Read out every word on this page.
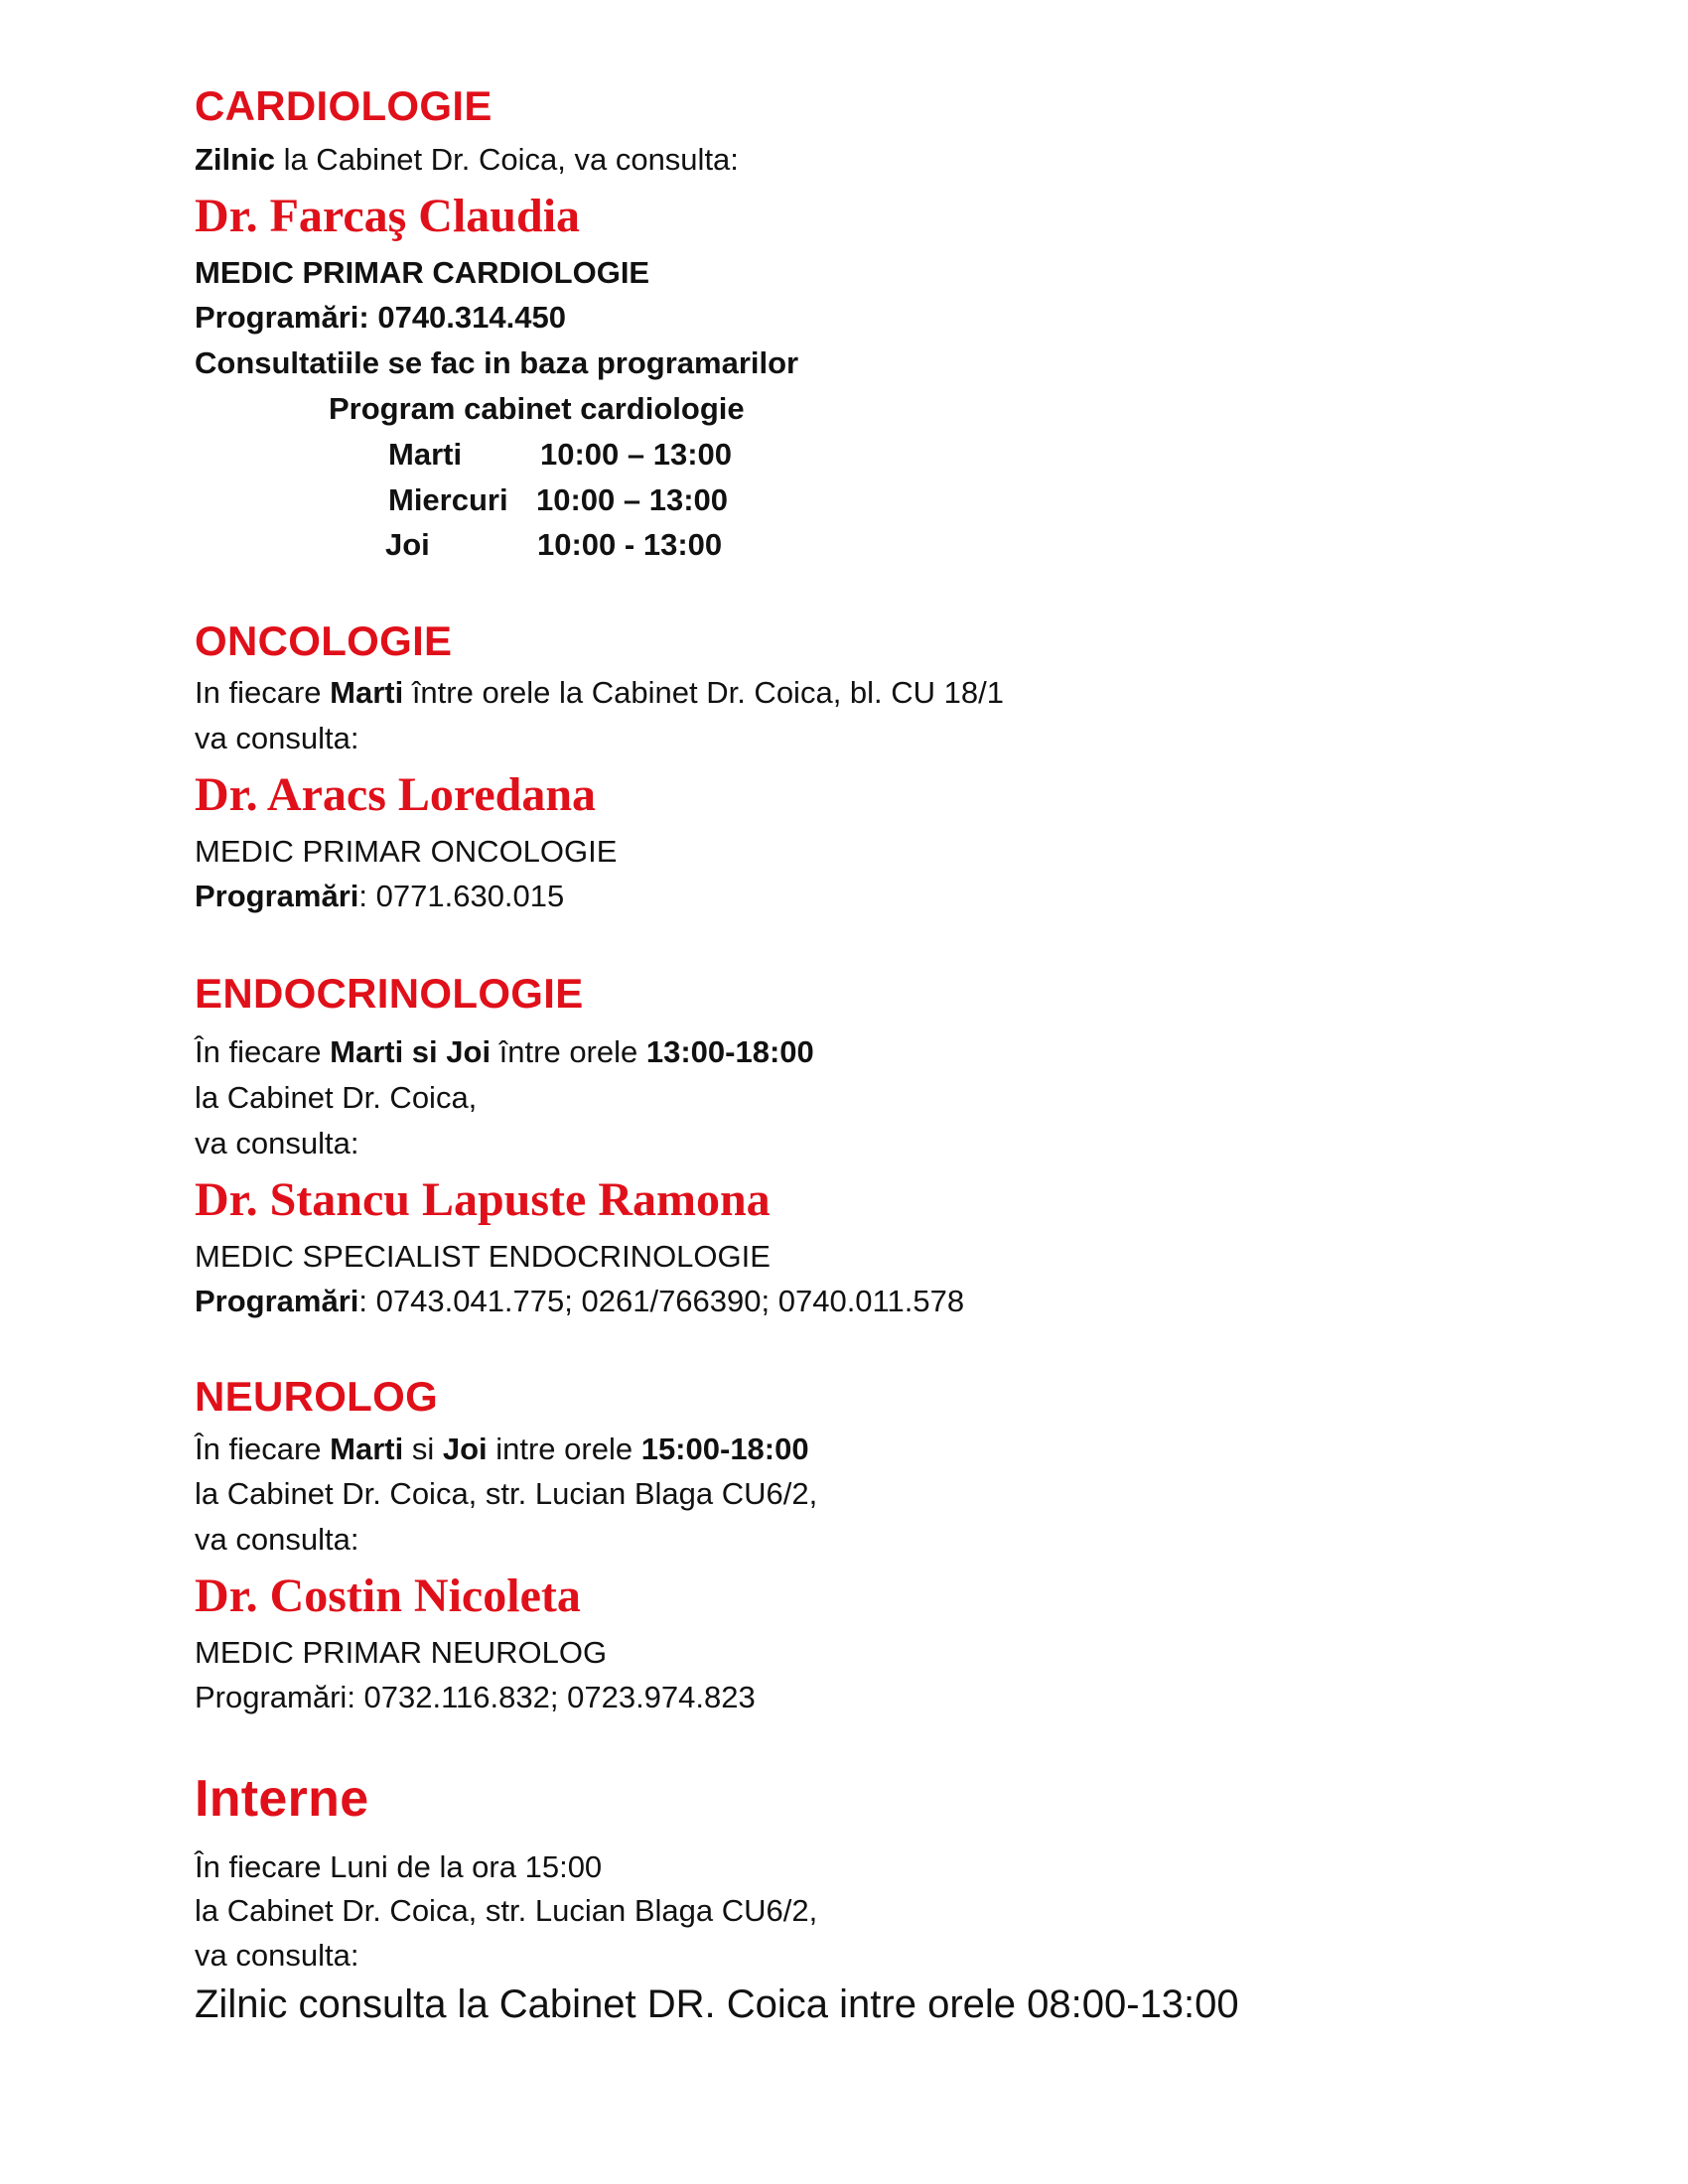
CARDIOLOGIE
Zilnic la Cabinet Dr. Coica, va consulta:
Dr. Farcaş Claudia
MEDIC PRIMAR CARDIOLOGIE
Programări: 0740.314.450
Consultatiile se fac in baza programarilor
Program cabinet cardiologie
Marti	10:00 – 13:00
Miercuri 10:00 – 13:00
Joi	10:00 - 13:00
ONCOLOGIE
In fiecare Marti între orele la Cabinet Dr. Coica, bl. CU 18/1
va consulta:
Dr. Aracs Loredana
MEDIC PRIMAR ONCOLOGIE
Programări: 0771.630.015
ENDOCRINOLOGIE
În fiecare Marti si Joi între orele 13:00-18:00
la Cabinet Dr. Coica,
va consulta:
Dr. Stancu Lapuste Ramona
MEDIC SPECIALIST ENDOCRINOLOGIE
Programări: 0743.041.775; 0261/766390; 0740.011.578
NEUROLOG
În fiecare Marti si Joi intre orele 15:00-18:00
la Cabinet Dr. Coica, str. Lucian Blaga CU6/2,
va consulta:
Dr. Costin Nicoleta
MEDIC PRIMAR NEUROLOG
Programări: 0732.116.832; 0723.974.823
Interne
În fiecare Luni de la ora 15:00
la Cabinet Dr. Coica, str. Lucian Blaga CU6/2,
va consulta:
Zilnic consulta la Cabinet DR. Coica intre orele 08:00-13:00
